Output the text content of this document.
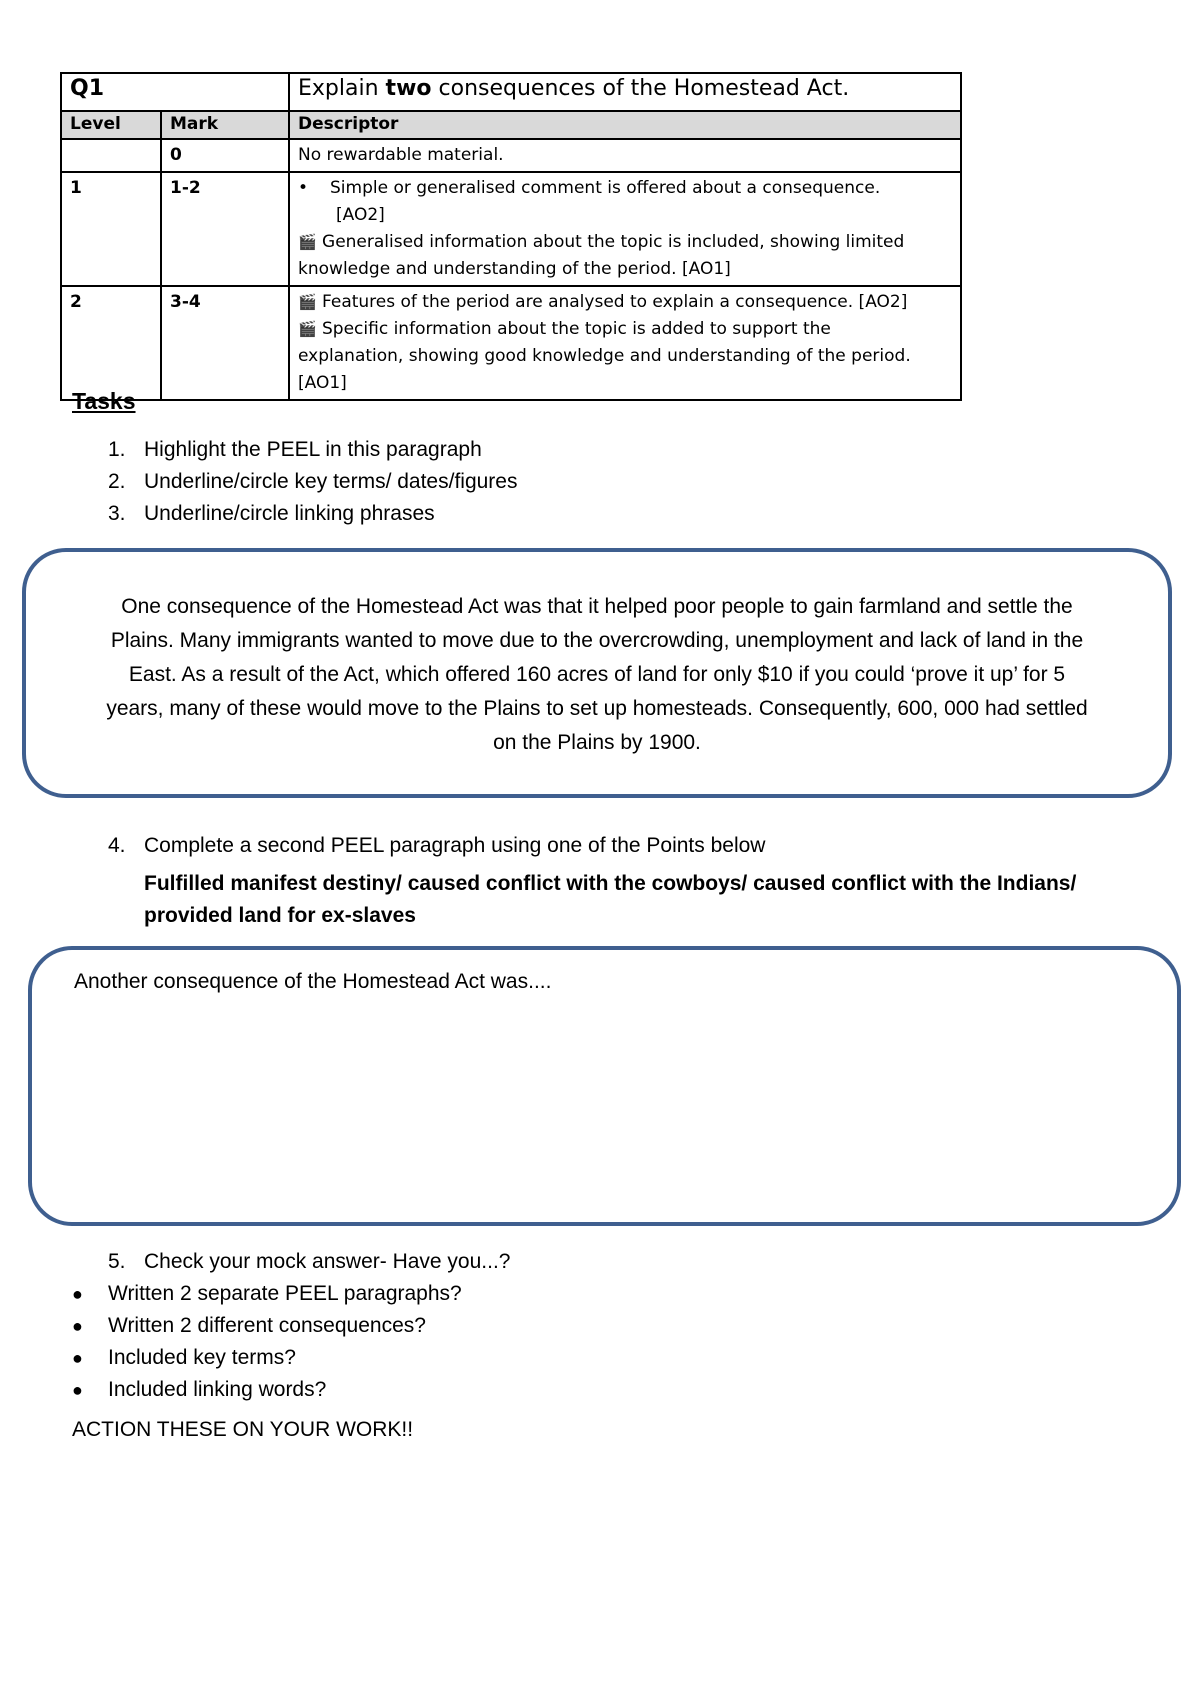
Q1		Explain two consequences of the Homestead Act.
Level	Mark	Descriptor
	0	No rewardable material.
1	1-2	• Simple or generalised comment is offered about a consequence.
[AO2]
🎬 Generalised information about the topic is included, showing limited
knowledge and understanding of the period. [AO1]

2	3-4	🎬 Features of the period are analysed to explain a consequence. [AO2]
🎬 Specific information about the topic is added to support the
explanation, showing good knowledge and understanding of the period.
[AO1]
Tasks
1. Highlight the PEEL in this paragraph
2. Underline/circle key terms/ dates/figures
3. Underline/circle linking phrases
One consequence of the Homestead Act was that it helped poor people to gain farmland and settle the
Plains. Many immigrants wanted to move due to the overcrowding, unemployment and lack of land in the
East. As a result of the Act, which offered 160 acres of land for only $10 if you could ‘prove it up’ for 5
years, many of these would move to the Plains to set up homesteads. Consequently, 600, 000 had settled
on the Plains by 1900.
4. Complete a second PEEL paragraph using one of the Points below
Fulfilled manifest destiny/ caused conflict with the cowboys/ caused conflict with the Indians/
provided land for ex-slaves
Another consequence of the Homestead Act was....
5. Check your mock answer- Have you...?
● Written 2 separate PEEL paragraphs?
● Written 2 different consequences?
● Included key terms?
● Included linking words?
ACTION THESE ON YOUR WORK!!
